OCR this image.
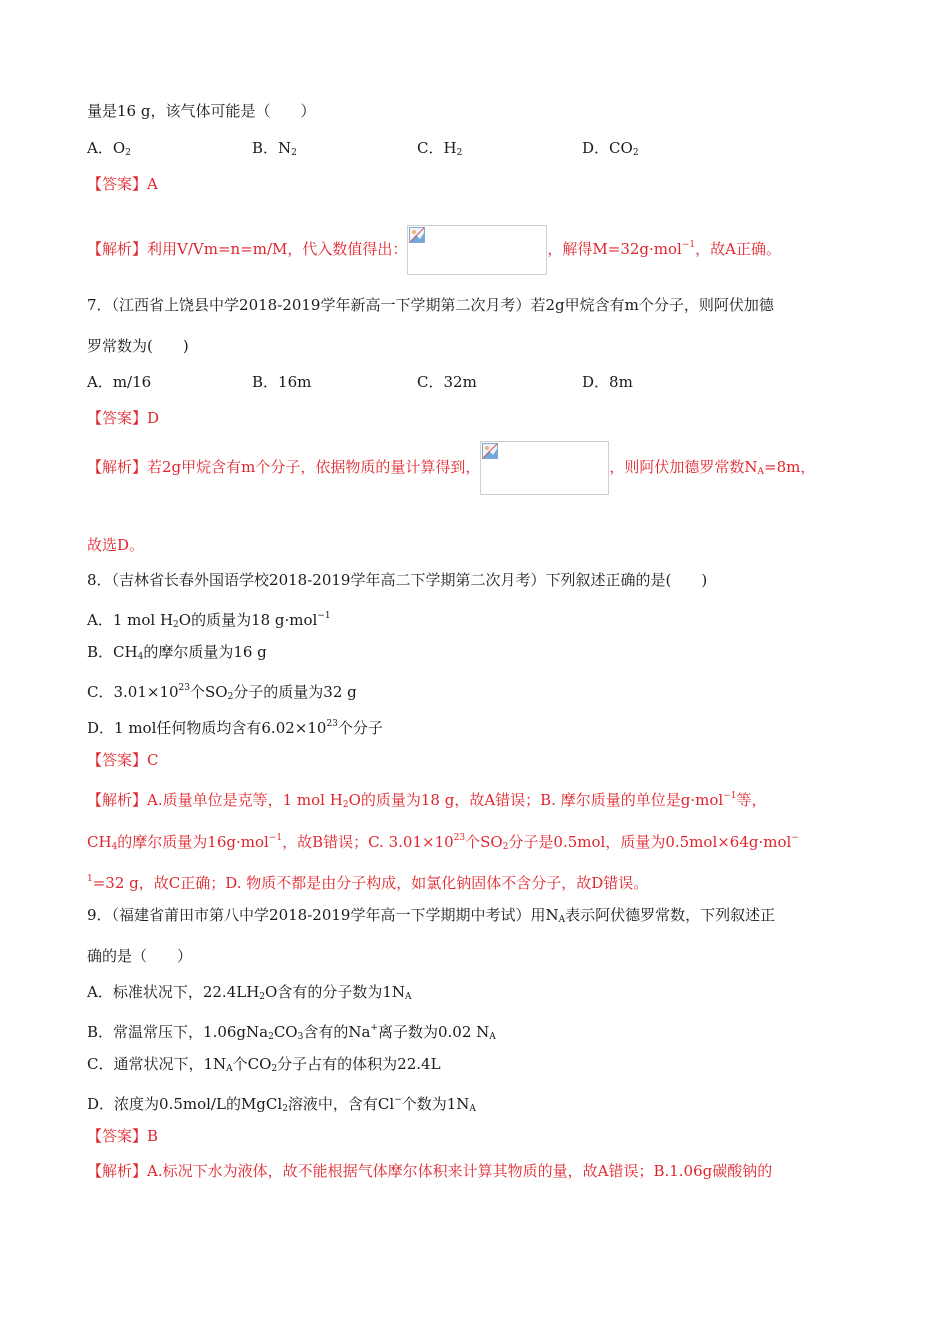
量是16 g，该气体可能是（　　）
A．$O_2$	B．$N_2$	C．$H_2$	D．$CO_2$
【答案】A
【解析】利用V/Vm=n=m/M，代入数值得出：	，解得M=32g·mol$^{-1}$，故A正确。
7．（江西省上饶县中学2018-2019学年新高一下学期第二次月考）若2g甲烷含有m个分子，则阿伏加德
罗常数为(　　)
A．m/16	B．16m	C．32m	D．8m
【答案】D
【解析】若2g甲烷含有m个分子，依据物质的量计算得到，	，则阿伏加德罗常数$N_A=8m$，
故选D。
8．（吉林省长春外国语学校2018-2019学年高二下学期第二次月考）下列叙述正确的是(　　)
A．1 mol $H_2O$的质量为18 g·mol$^{-1}$
B．$CH_4$的摩尔质量为16 g
C．$3.01\times 10^{23}$个$SO_2$分子的质量为32 g
D．1 mol任何物质均含有$6.02\times 10^{23}$个分子
【答案】C
【解析】A.质量单位是克等，1 mol $H_2O$的质量为18 g，故A错误；B. 摩尔质量的单位是g·mol$^{-1}$等，
$CH_4$的摩尔质量为16g·mol$^{-1}$，故B错误；C. $3.01\times 10^{23}$个$SO_2$分子是0.5mol，质量为0.5mol×64g·mol−
$^1$=32 g，故C正确；D. 物质不都是由分子构成，如氯化钠固体不含分子，故D错误。
9．（福建省莆田市第八中学2018-2019学年高一下学期期中考试）用$N_A$表示阿伏德罗常数，下列叙述正
确的是（　　）
A．标准状况下，$22.4LH_2O$含有的分子数为$1N_A$
B．常温常压下，$1.06gNa_2CO_3$含有的Na+离子数为0.02 $N_A$
C．通常状况下，$1N_A$个$CO_2$分子占有的体积为22.4L
D．浓度为0.5mol/L的MgCl$_2$溶液中，含有Cl−个数为$1N_A$
【答案】B
【解析】A.标况下水为液体，故不能根据气体摩尔体积来计算其物质的量，故A错误；B.1.06g碳酸钠的
